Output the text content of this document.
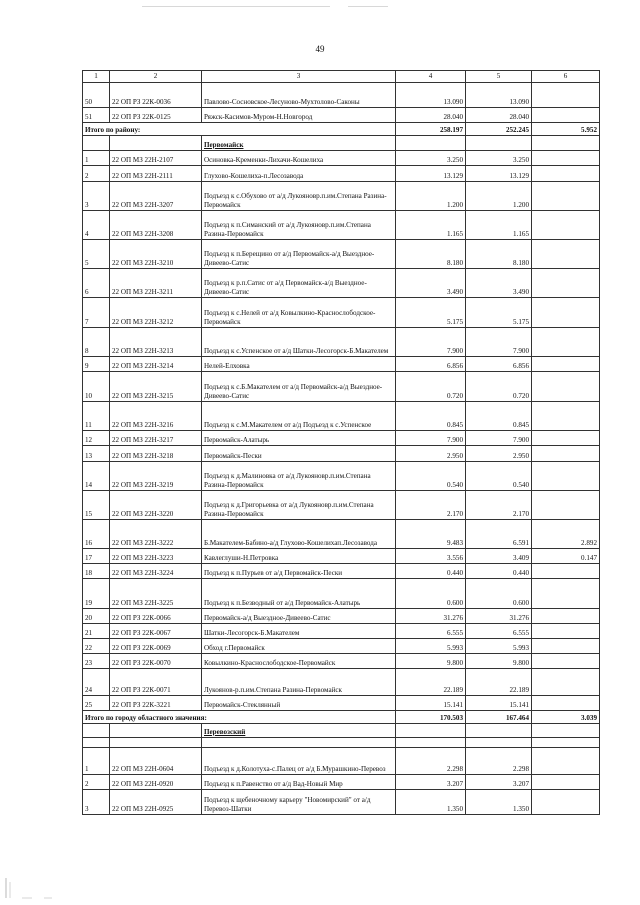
49
1	2	3	4	5	6
50	22 ОП РЗ 22К-0036	Павлово-Сосновское-Лесуново-Мухтолово-Саконы	13.090	13.090	
51	22 ОП РЗ 22К-0125	Ряжск-Касимов-Муром-Н.Новгород	28.040	28.040	
Итого по району:			258.197	252.245	5.952
		Первомайск			
1	22 ОП МЗ 22Н-2107	Осиновка-Кременки-Лихачи-Кошелиха	3.250	3.250	
2	22 ОП МЗ 22Н-2111	Глухово-Кошелиха-п.Лесозавода	13.129	13.129	
3	22 ОП МЗ 22Н-3207	Подъезд к с.Обухово от а/д Лукояновр.п.им.Степана Разина-Первомайск	1.200	1.200	
4	22 ОП МЗ 22Н-3208	Подъезд к п.Симанский от а/д Лукояновр.п.им.Степана Разина-Первомайск	1.165	1.165	
5	22 ОП МЗ 22Н-3210	Подъезд к п.Берещино от а/д Первомайск-а/д Выездное-Дивеево-Сатис	8.180	8.180	
6	22 ОП МЗ 22Н-3211	Подъезд к р.п.Сатис от а/д Первомайск-а/д Выездное-Дивеево-Сатис	3.490	3.490	
7	22 ОП МЗ 22Н-3212	Подъезд к с.Нелей от а/д Ковылкино-Краснослободское-Первомайск	5.175	5.175	
8	22 ОП МЗ 22Н-3213	Подъезд к с.Успенское от а/д Шатки-Лесогорск-Б.Макателем	7.900	7.900	
9	22 ОП МЗ 22Н-3214	Нелей-Елховка	6.856	6.856	
10	22 ОП МЗ 22Н-3215	Подъезд к с.Б.Макателем от а/д Первомайск-а/д Выездное-Дивеево-Сатис	0.720	0.720	
11	22 ОП МЗ 22Н-3216	Подъезд к с.М.Макателем от а/д Подъезд к с.Успенское	0.845	0.845	
12	22 ОП МЗ 22Н-3217	Первомайск-Алатырь	7.900	7.900	
13	22 ОП МЗ 22Н-3218	Первомайск-Пески	2.950	2.950	
14	22 ОП МЗ 22Н-3219	Подъезд к д.Малиновка от а/д Лукояновр.п.им.Степана Разина-Первомайск	0.540	0.540	
15	22 ОП МЗ 22Н-3220	Подъезд к д.Григорьевка от а/д Лукояновр.п.им.Степана Разина-Первомайск	2.170	2.170	
16	22 ОП МЗ 22Н-3222	Б.Макателем-Бабино-а/д Глухово-Кошелихап.Лесозавода	9.483	6.591	2.892
17	22 ОП МЗ 22Н-3223	Кавлеглуши-Н.Петровка	3.556	3.409	0.147
18	22 ОП МЗ 22Н-3224	Подъезд к п.Пурьев от а/д Первомайск-Пески	0.440	0.440	
19	22 ОП МЗ 22Н-3225	Подъезд к п.Безводный от а/д Первомайск-Алатырь	0.600	0.600	
20	22 ОП РЗ 22К-0066	Первомайск-а/д Выездное-Дивеево-Сатис	31.276	31.276	
21	22 ОП РЗ 22К-0067	Шатки-Лесогорск-Б.Макателем	6.555	6.555	
22	22 ОП РЗ 22К-0069	Обход г.Первомайск	5.993	5.993	
23	22 ОП РЗ 22К-0070	Ковылкино-Краснослободское-Первомайск	9.800	9.800	
24	22 ОП РЗ 22К-0071	Лукоянов-р.п.им.Степана Разина-Первомайск	22.189	22.189	
25	22 ОП РЗ 22К-3221	Первомайск-Стеклянный	15.141	15.141	
Итого по городу областного значения:			170.503	167.464	3.039
		Перевозский			

1	22 ОП МЗ 22Н-0604	Подъезд к д.Колотуха-с.Палец от а/д Б.Мурашкино-Перевоз	2.298	2.298	
2	22 ОП МЗ 22Н-0920	Подъезд к п.Равенство от а/д Вад-Новый Мир	3.207	3.207	
3	22 ОП МЗ 22Н-0925	Подъезд к щебеночному карьеру "Новомирский" от а/д Перевоз-Шатки	1.350	1.350	
